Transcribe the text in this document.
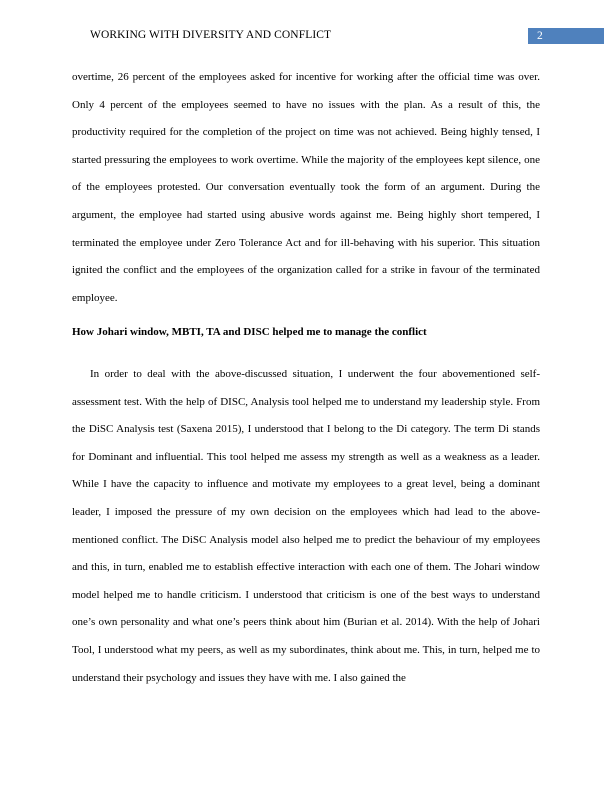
WORKING WITH DIVERSITY AND CONFLICT	2

overtime, 26 percent of the employees asked for incentive for working after the official time was over. Only 4 percent of the employees seemed to have no issues with the plan. As a result of this, the productivity required for the completion of the project on time was not achieved. Being highly tensed, I started pressuring the employees to work overtime. While the majority of the employees kept silence, one of the employees protested. Our conversation eventually took the form of an argument. During the argument, the employee had started using abusive words against me. Being highly short tempered, I terminated the employee under Zero Tolerance Act and for ill-behaving with his superior. This situation ignited the conflict and the employees of the organization called for a strike in favour of the terminated employee.

How Johari window, MBTI, TA and DISC helped me to manage the conflict

In order to deal with the above-discussed situation, I underwent the four abovementioned self-assessment test. With the help of DISC, Analysis tool helped me to understand my leadership style. From the DiSC Analysis test (Saxena 2015), I understood that I belong to the Di category. The term Di stands for Dominant and influential. This tool helped me assess my strength as well as a weakness as a leader. While I have the capacity to influence and motivate my employees to a great level, being a dominant leader, I imposed the pressure of my own decision on the employees which had lead to the above-mentioned conflict. The DiSC Analysis model also helped me to predict the behaviour of my employees and this, in turn, enabled me to establish effective interaction with each one of them. The Johari window model helped me to handle criticism. I understood that criticism is one of the best ways to understand one’s own personality and what one’s peers think about him (Burian et al. 2014). With the help of Johari Tool, I understood what my peers, as well as my subordinates, think about me. This, in turn, helped me to understand their psychology and issues they have with me. I also gained the
